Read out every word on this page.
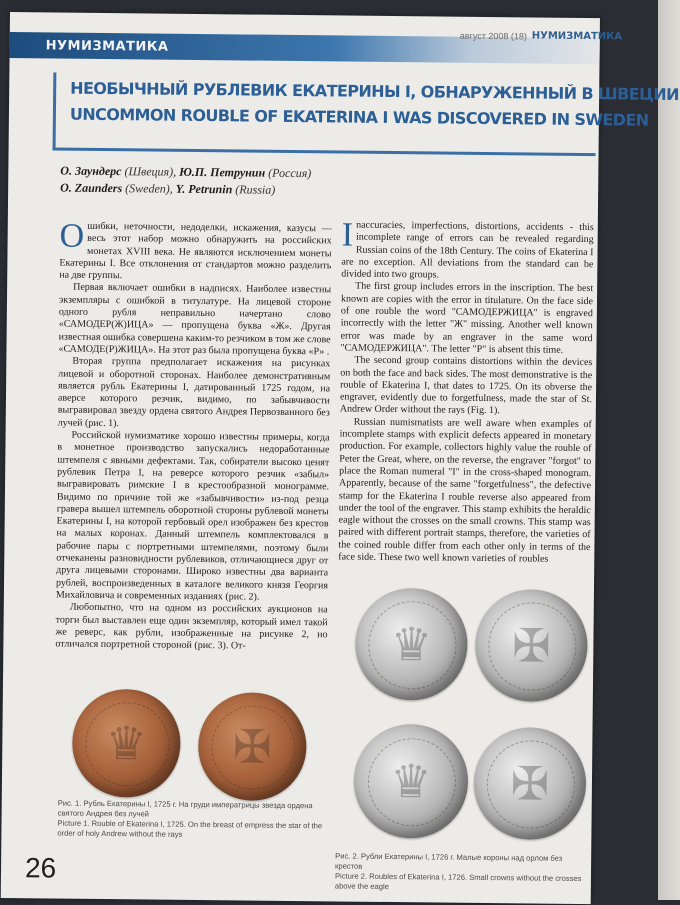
НУМИЗМАТИКА
август 2008 (18) НУМИЗМАТИКА
НЕОБЫЧНЫЙ РУБЛЕВИК ЕКАТЕРИНЫ I, ОБНАРУЖЕННЫЙ В ШВЕЦИИ
UNCOMMON ROUBLE OF EKATERINA I WAS DISCOVERED IN SWEDEN
О. Заундерс (Швеция), Ю.П. Петрунин (Россия)
O. Zaunders (Sweden), Y. Petrunin (Russia)

Ошибки, неточности, недоделки, искажения, казусы — весь этот набор можно обнаружить на российских монетах XVIII века. Не являются исключением монеты Екатерины I. Все отклонения от стандартов можно разделить на две группы.

Первая включает ошибки в надписях. Наиболее известны экземпляры с ошибкой в титулатуре. На лицевой стороне одного рубля неправильно начертано слово «САМОДЕР(Ж)ИЦА» — пропущена буква «Ж». Другая известная ошибка совершена каким-то резчиком в том же слове «САМОДЕ(Р)ЖИЦА». На этот раз была пропущена буква «Р» .

Вторая группа предполагает искажения на рисунках лицевой и оборотной сторонах. Наиболее демонстративным является рубль Екатерины I, датированный 1725 годом, на аверсе которого резчик, видимо, по забывчивости выгравировал звезду ордена святого Андрея Первозванного без лучей (рис. 1).

Российской нумизматике хорошо известны примеры, когда в монетное производство запускались недоработанные штемпеля с явными дефектами. Так, собиратели высоко ценят рублевик Петра I, на реверсе которого резчик «забыл» выгравировать римские I в крестообразной монограмме. Видимо по причине той же «забывчивости» из-под резца гравера вышел штемпель оборотной стороны рублевой монеты Екатерины I, на которой гербовый орел изображен без крестов на малых коронах. Данный штемпель комплектовался в рабочие пары с портретными штемпелями, поэтому были отчеканены разновидности рублевиков, отличающиеся друг от друга лицевыми сторонами. Широко известны два варианта рублей, воспроизведенных в каталоге великого князя Георгия Михайловича и современных изданиях (рис. 2).

Любопытно, что на одном из российских аукционов на торги был выставлен еще один экземпляр, который имел такой же реверс, как рубли, изображенные на рисунке 2, но отличался портретной стороной (рис. 3). От-

Inaccuracies, imperfections, distortions, accidents - this incomplete range of errors can be revealed regarding Russian coins of the 18th Century. The coins of Ekaterina I are no exception. All deviations from the standard can be divided into two groups.

The first group includes errors in the inscription. The best known are copies with the error in titulature. On the face side of one rouble the word "САМОДЕРЖИЦА" is engraved incorrectly with the letter "Ж" missing. Another well known error was made by an engraver in the same word "САМОДЕРЖИЦА". The letter "Р" is absent this time.

The second group contains distortions within the devices on both the face and back sides. The most demonstrative is the rouble of Ekaterina I, that dates to 1725. On its obverse the engraver, evidently due to forgetfulness, made the star of St. Andrew Order without the rays (Fig. 1).

Russian numismatists are well aware when examples of incomplete stamps with explicit defects appeared in monetary production. For example, collectors highly value the rouble of Peter the Great, where, on the reverse, the engraver "forgot" to place the Roman numeral "I" in the cross-shaped monogram. Apparently, because of the same "forgetfulness", the defective stamp for the Ekaterina I rouble reverse also appeared from under the tool of the engraver. This stamp exhibits the heraldic eagle without the crosses on the small crowns. This stamp was paired with different portrait stamps, therefore, the varieties of the coined rouble differ from each other only in terms of the face side. These two well known varieties of roubles

♛	✠
♛	✠
♛	✠
Рис. 1. Рубль Екатерины I, 1725 г. На груди императрицы звезда ордена святого Андрея без лучей
Picture 1. Rouble of Ekaterina I, 1725. On the breast of empress the star of the order of holy Andrew without the rays
Рис. 2. Рубли Екатерины I, 1726 г. Малые короны над орлом без крестов
Picture 2. Roubles of Ekaterina I, 1726. Small crowns without the crosses above the eagle
26
